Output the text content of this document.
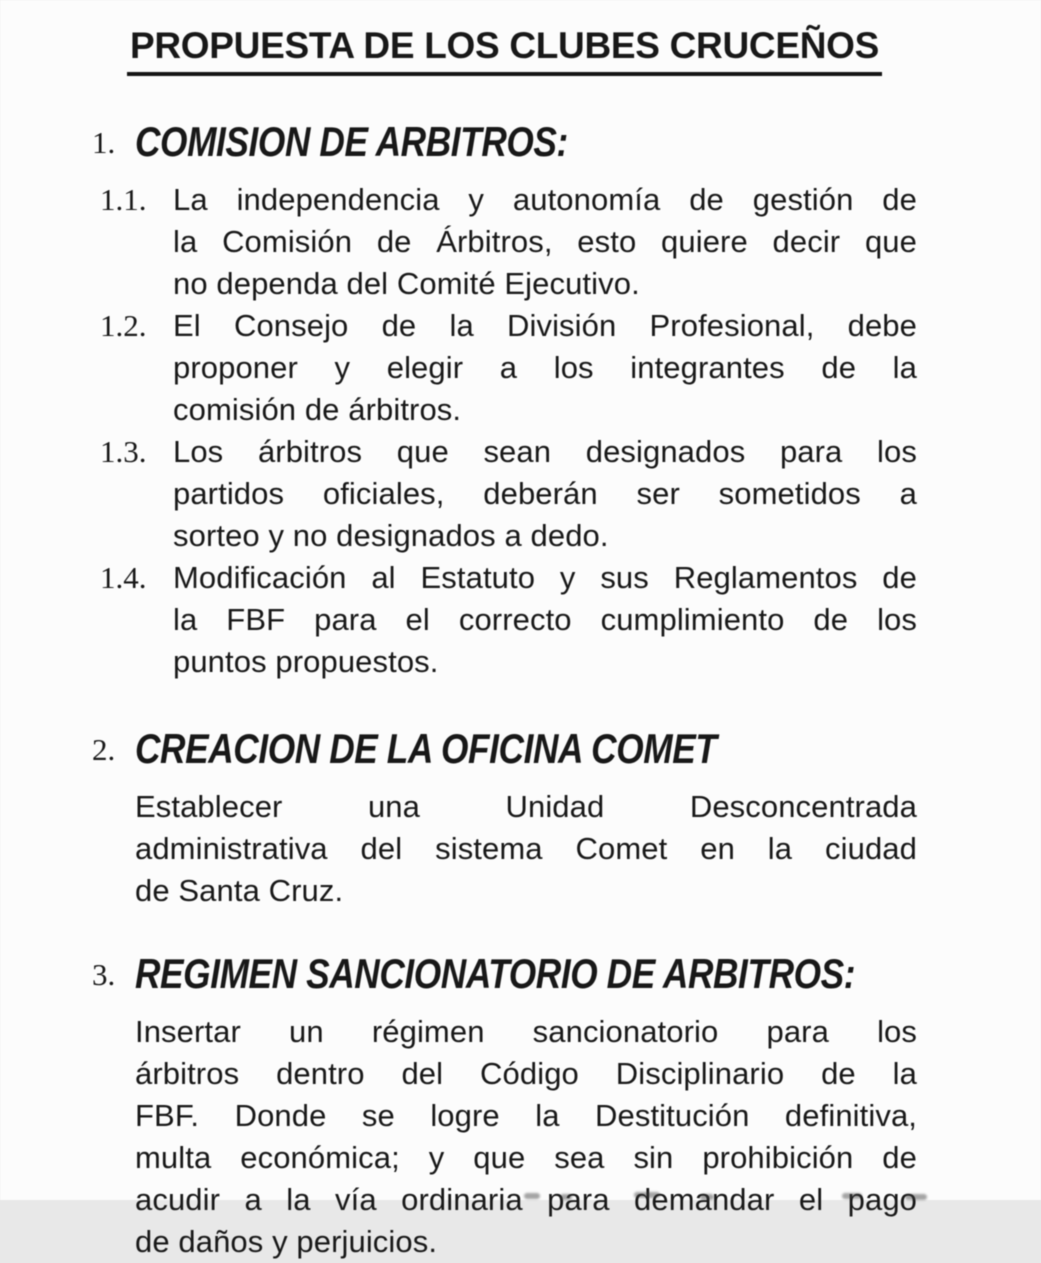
PROPUESTA DE LOS CLUBES CRUCEÑOS
1. COMISION DE ARBITROS:
1.1. La independencia y autonomía de gestión de
la Comisión de Árbitros, esto quiere decir que
no dependa del Comité Ejecutivo.
1.2. El Consejo de la División Profesional, debe
proponer y elegir a los integrantes de la
comisión de árbitros.
1.3. Los árbitros que sean designados para los
partidos oficiales, deberán ser sometidos a
sorteo y no designados a dedo.
1.4. Modificación al Estatuto y sus Reglamentos de
la FBF para el correcto cumplimiento de los
puntos propuestos.
2. CREACION DE LA OFICINA COMET
Establecer una Unidad Desconcentrada
administrativa del sistema Comet en la ciudad
de Santa Cruz.
3. REGIMEN SANCIONATORIO DE ARBITROS:
Insertar un régimen sancionatorio para los
árbitros dentro del Código Disciplinario de la
FBF. Donde se logre la Destitución definitiva,
multa económica; y que sea sin prohibición de
acudir a la vía ordinaria para demandar el pago
de daños y perjuicios.
